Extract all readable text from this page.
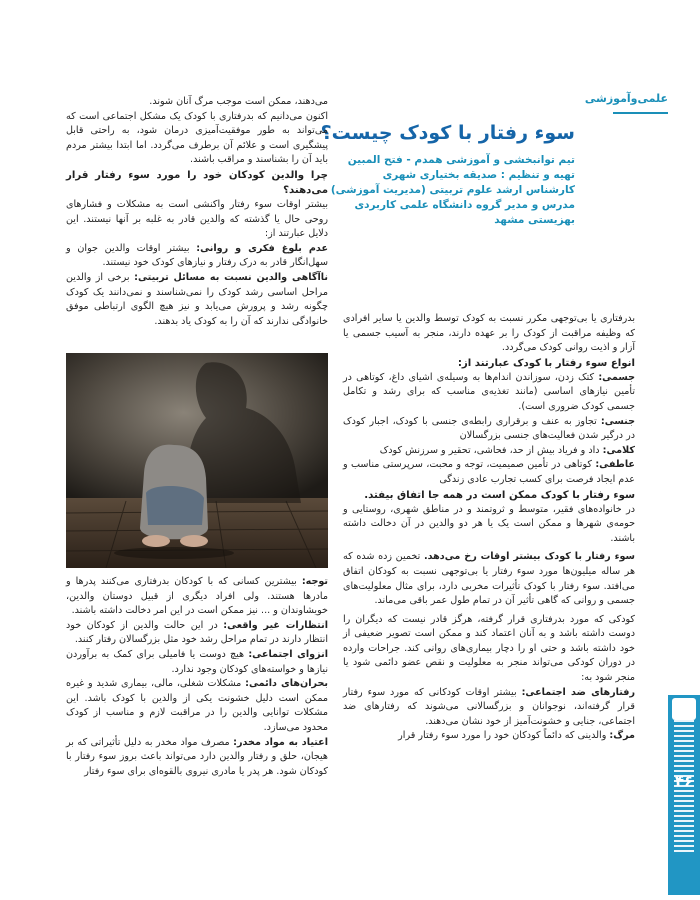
علمی‌وآموزشی
سوء رفتار با کودک چیست؟
تیم توانبخشی و آموزشی همدم - فتح المبین
تهیه و تنظیم : صدیقه بختیاری شهری
کارشناس ارشد علوم تربیتی (مدیریت آموزشی)
مدرس و مدیر گروه دانشگاه علمی کاربردی
بهزیستی مشهد
۴۶

بدرفتاری یا بی‌توجهی مکرر نسبت به کودک توسط والدین یا سایر افرادی که وظیفه مراقبت از کودک را بر عهده دارند، منجر به آسیب جسمی یا آزار و اذیت روانی کودک می‌گردد.

انواع سوء رفتار با کودک عبارتند از:

جسمی: کتک زدن، سوزاندن اندام‌ها به وسیله‌ی اشیای داغ، کوتاهی در تأمین نیازهای اساسی (مانند تغذیه‌ی مناسب که برای رشد و تکامل جسمی کودک ضروری است).

جنسی: تجاوز به عنف و برقراری رابطه‌ی جنسی با کودک، اجبار کودک در درگیر شدن فعالیت‌های جنسی بزرگسالان

کلامی: داد و فریاد بیش از حد، فحاشی، تحقیر و سرزنش کودک

عاطفی: کوتاهی در تأمین صمیمیت، توجه و محبت، سرپرستی مناسب و عدم ایجاد فرصت برای کسب تجارب عادی زندگی

سوء رفتار با کودک ممکن است در همه جا اتفاق بیفتد.

در خانواده‌های فقیر، متوسط و ثروتمند و در مناطق شهری، روستایی و حومه‌ی شهرها و ممکن است یک یا هر دو والدین در آن دخالت داشته باشند.

سوء رفتار با کودک بیشتر اوقات رخ می‌دهد. تخمین زده شده که هر ساله میلیون‌ها مورد سوء رفتار یا بی‌توجهی نسبت به کودکان اتفاق می‌افتد. سوء رفتار با کودک تأثیرات مخربی دارد، برای مثال معلولیت‌های جسمی و روانی که گاهی تأثیر آن در تمام طول عمر باقی می‌ماند.

کودکی که مورد بدرفتاری قرار گرفته، هرگز قادر نیست که دیگران را دوست داشته باشد و به آنان اعتماد کند و ممکن است تصویر ضعیفی از خود داشته باشد و حتی او را دچار بیماری‌های روانی کند. جراحات وارده در دوران کودکی می‌تواند منجر به معلولیت و نقص عضو دائمی شود یا منجر شود به:

رفتارهای ضد اجتماعی: بیشتر اوقات کودکانی که مورد سوء رفتار قرار گرفته‌اند، نوجوانان و بزرگسالانی می‌شوند که رفتارهای ضد اجتماعی، جنایی و خشونت‌آمیز از خود نشان می‌دهند.

مرگ: والدینی که دائماً کودکان خود را مورد سوء رفتار قرار

می‌دهند، ممکن است موجب مرگ آنان شوند.

اکنون می‌دانیم که بدرفتاری با کودک یک مشکل اجتماعی است که می‌تواند به طور موفقیت‌آمیزی درمان شود، به راحتی قابل پیشگیری است و علائم آن برطرف می‌گردد. اما ابتدا بیشتر مردم باید آن را بشناسند و مراقب باشند.

چرا والدین کودکان خود را مورد سوء رفتار قرار می‌دهند؟

بیشتر اوقات سوء رفتار واکنشی است به مشکلات و فشارهای روحی حال یا گذشته که والدین قادر به غلبه بر آنها نیستند. این دلایل عبارتند از:

عدم بلوغ فکری و روانی: بیشتر اوقات والدین جوان و سهل‌انگار قادر به درک رفتار و نیازهای کودک خود نیستند.

ناآگاهی والدین نسبت به مسائل تربیتی: برخی از والدین مراحل اساسی رشد کودک را نمی‌شناسند و نمی‌دانند یک کودک چگونه رشد و پرورش می‌یابد و نیز هیچ الگوی ارتباطی موفق خانوادگی ندارند که آن را به کودک یاد بدهند.

توجه: بیشترین کسانی که با کودکان بدرفتاری می‌کنند پدرها و مادرها هستند. ولی افراد دیگری از قبیل دوستان والدین، خویشاوندان و ... نیز ممکن است در این امر دخالت داشته باشند.

انتظارات غیر واقعی: در این حالت والدین از کودکان خود انتظار دارند در تمام مراحل رشد خود مثل بزرگسالان رفتار کنند.

انزوای اجتماعی: هیچ دوست یا فامیلی برای کمک به برآوردن نیازها و خواسته‌های کودکان وجود ندارد.

بحران‌های دائمی: مشکلات شغلی، مالی، بیماری شدید و غیره ممکن است دلیل خشونت یکی از والدین با کودک باشد. این مشکلات توانایی والدین را در مراقبت لازم و مناسب از کودک محدود می‌سازد.

اعتیاد به مواد مخدر: مصرف مواد مخدر به دلیل تأثیراتی که بر هیجان، حلق و رفتار والدین دارد می‌تواند باعث بروز سوء رفتار با کودکان شود. هر پدر یا مادری نیروی بالقوه‌ای برای سوء رفتار
